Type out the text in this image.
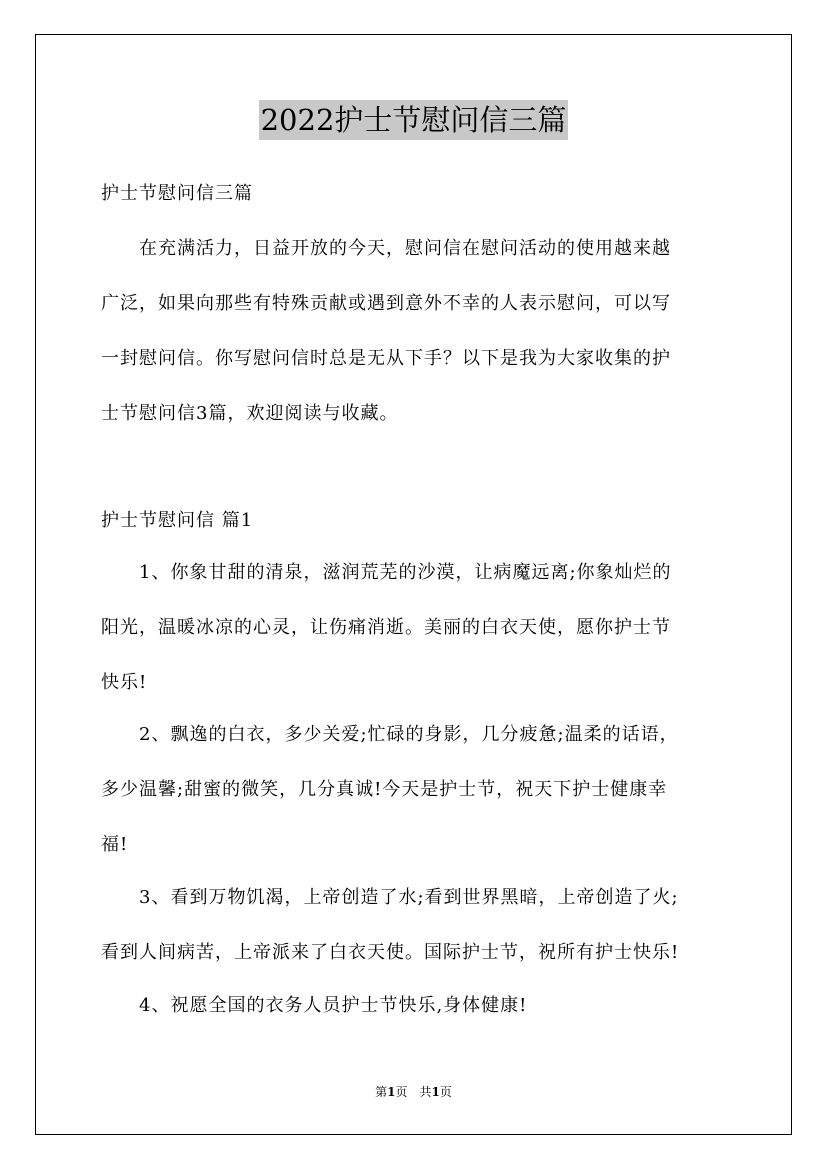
2022护士节慰问信三篇
护士节慰问信三篇
　　在充满活力，日益开放的今天，慰问信在慰问活动的使用越来越
广泛，如果向那些有特殊贡献或遇到意外不幸的人表示慰问，可以写
一封慰问信。你写慰问信时总是无从下手？以下是我为大家收集的护
士节慰问信3篇，欢迎阅读与收藏。
护士节慰问信 篇1
　　1、你象甘甜的清泉，滋润荒芜的沙漠，让病魔远离;你象灿烂的
阳光，温暖冰凉的心灵，让伤痛消逝。美丽的白衣天使，愿你护士节
快乐!
　　2、飘逸的白衣，多少关爱;忙碌的身影，几分疲惫;温柔的话语，
多少温馨;甜蜜的微笑，几分真诚!今天是护士节，祝天下护士健康幸
福!
　　3、看到万物饥渴，上帝创造了水;看到世界黑暗，上帝创造了火;
看到人间病苦，上帝派来了白衣天使。国际护士节，祝所有护士快乐!
　　4、祝愿全国的衣务人员护士节快乐,身体健康!
第1页　共1页
